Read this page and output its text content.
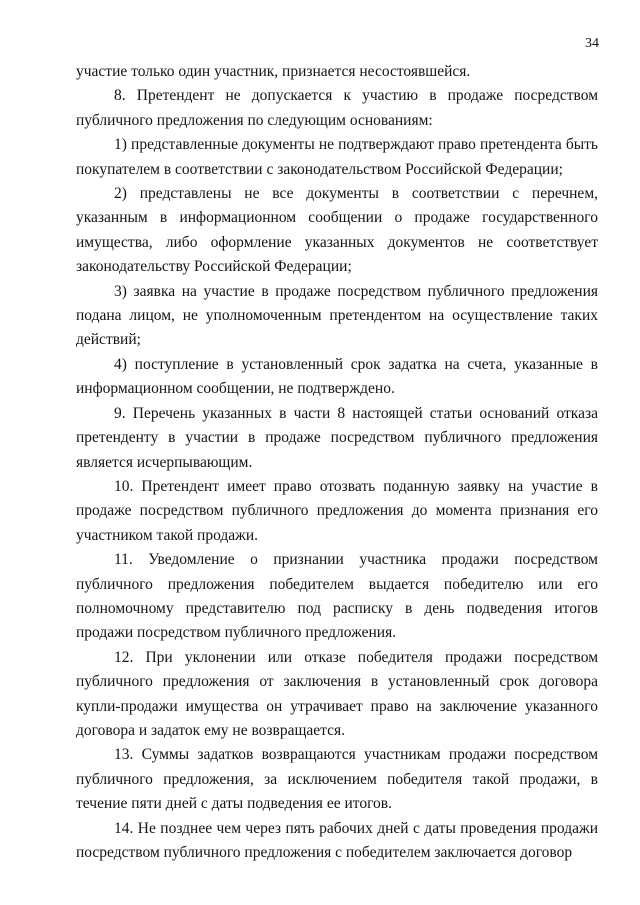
34

участие только один участник, признается несостоявшейся.

8. Претендент не допускается к участию в продаже посредством публичного предложения по следующим основаниям:

1) представленные документы не подтверждают право претендента быть покупателем в соответствии с законодательством Российской Федерации;

2) представлены не все документы в соответствии с перечнем, указанным в информационном сообщении о продаже государственного имущества, либо оформление указанных документов не соответствует законодательству Российской Федерации;

3) заявка на участие в продаже посредством публичного предложения подана лицом, не уполномоченным претендентом на осуществление таких действий;

4) поступление в установленный срок задатка на счета, указанные в информационном сообщении, не подтверждено.

9. Перечень указанных в части 8 настоящей статьи оснований отказа претенденту в участии в продаже посредством публичного предложения является исчерпывающим.

10. Претендент имеет право отозвать поданную заявку на участие в продаже посредством публичного предложения до момента признания его участником такой продажи.

11. Уведомление о признании участника продажи посредством публичного предложения победителем выдается победителю или его полномочному представителю под расписку в день подведения итогов продажи посредством публичного предложения.

12. При уклонении или отказе победителя продажи посредством публичного предложения от заключения в установленный срок договора купли-продажи имущества он утрачивает право на заключение указанного договора и задаток ему не возвращается.

13. Суммы задатков возвращаются участникам продажи посредством публичного предложения, за исключением победителя такой продажи, в течение пяти дней с даты подведения ее итогов.

14. Не позднее чем через пять рабочих дней с даты проведения продажи посредством публичного предложения с победителем заключается договор
